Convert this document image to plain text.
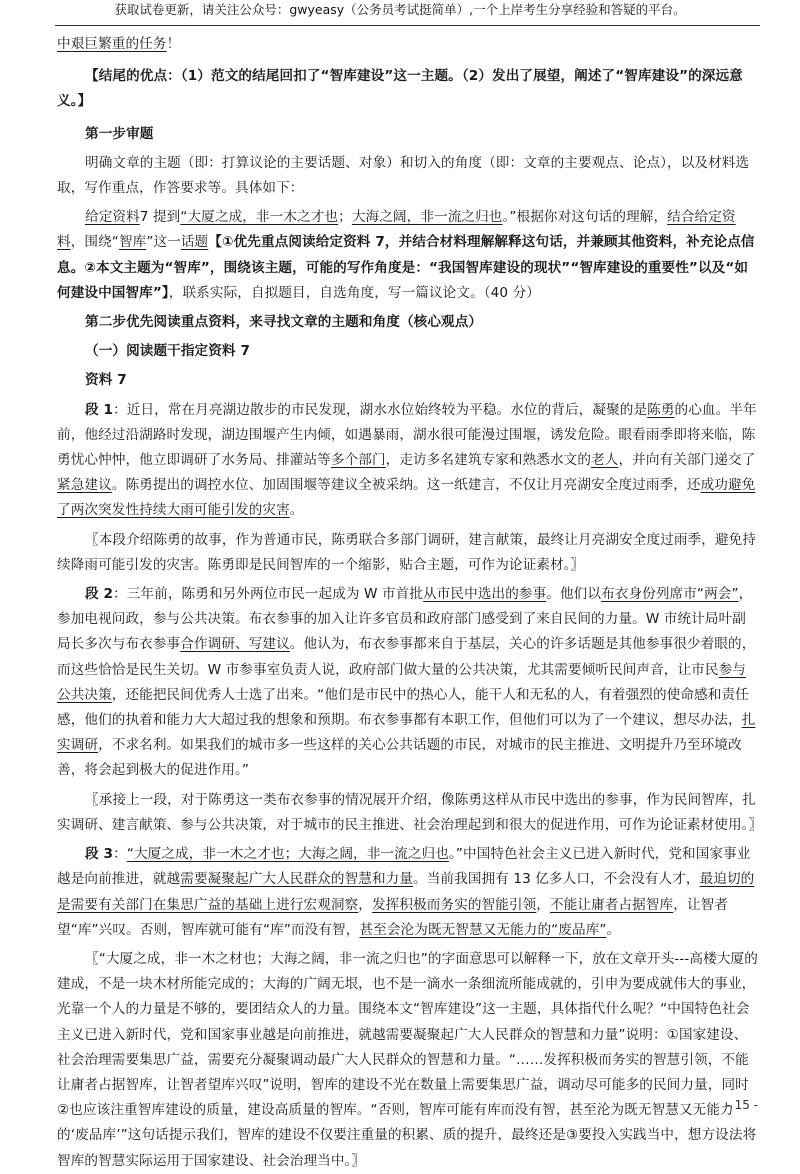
获取试卷更新，请关注公众号：gwyeasy（公务员考试挺简单）,一个上岸考生分享经验和答疑的平台。

中艰巨繁重的任务！

【结尾的优点：（1）范文的结尾回扣了“智库建设”这一主题。（2）发出了展望，阐述了“智库建设”的深远意义。】

第一步审题

明确文章的主题（即：打算议论的主要话题、对象）和切入的角度（即：文章的主要观点、论点），以及材料选取，写作重点，作答要求等。具体如下：

给定资料7 提到“大厦之成，非一木之才也；大海之阔，非一流之归也。”根据你对这句话的理解，结合给定资料，围绕“智库”这一话题【①优先重点阅读给定资料 7，并结合材料理解解释这句话，并兼顾其他资料，补充论点信息。②本文主题为“智库”，围绕该主题，可能的写作角度是：“我国智库建设的现状”“智库建设的重要性”以及“如何建设中国智库”】，联系实际，自拟题目，自选角度，写一篇议论文。（40 分）

第二步优先阅读重点资料，来寻找文章的主题和角度（核心观点）

（一）阅读题干指定资料 7

资料 7

段 1：近日，常在月亮湖边散步的市民发现，湖水水位始终较为平稳。水位的背后，凝聚的是陈勇的心血。半年前，他经过沿湖路时发现，湖边围堰产生内倾，如遇暴雨，湖水很可能漫过围堰，诱发危险。眼看雨季即将来临，陈勇忧心忡忡，他立即调研了水务局、排灌站等多个部门，走访多名建筑专家和熟悉水文的老人，并向有关部门递交了紧急建议。陈勇提出的调控水位、加固围堰等建议全被采纳。这一纸建言，不仅让月亮湖安全度过雨季，还成功避免了两次突发性持续大雨可能引发的灾害。

〖本段介绍陈勇的故事，作为普通市民，陈勇联合多部门调研，建言献策，最终让月亮湖安全度过雨季，避免持续降雨可能引发的灾害。陈勇即是民间智库的一个缩影，贴合主题，可作为论证素材。〗

段 2：三年前，陈勇和另外两位市民一起成为 W 市首批从市民中选出的参事。他们以布衣身份列席市“两会”，参加电视问政，参与公共决策。布衣参事的加入让许多官员和政府部门感受到了来自民间的力量。W 市统计局叶副局长多次与布衣参事合作调研、写建议。他认为，布衣参事都来自于基层，关心的许多话题是其他参事很少着眼的，而这些恰恰是民生关切。W 市参事室负责人说，政府部门做大量的公共决策，尤其需要倾听民间声音，让市民参与公共决策，还能把民间优秀人士选了出来。“他们是市民中的热心人，能干人和无私的人，有着强烈的使命感和责任感，他们的执着和能力大大超过我的想象和预期。布衣参事都有本职工作，但他们可以为了一个建议，想尽办法，扎实调研，不求名利。如果我们的城市多一些这样的关心公共话题的市民，对城市的民主推进、文明提升乃至环境改善，将会起到极大的促进作用。”

〖承接上一段，对于陈勇这一类布衣参事的情况展开介绍，像陈勇这样从市民中选出的参事，作为民间智库，扎实调研、建言献策、参与公共决策，对于城市的民主推进、社会治理起到和很大的促进作用，可作为论证素材使用。〗

段 3：“大厦之成，非一木之才也；大海之阔，非一流之归也。”中国特色社会主义已进入新时代，党和国家事业越是向前推进，就越需要凝聚起广大人民群众的智慧和力量。当前我国拥有 13 亿多人口，不会没有人才，最迫切的是需要有关部门在集思广益的基础上进行宏观洞察，发挥积极而务实的智能引领，不能让庸者占据智库，让智者望“库”兴叹。否则，智库就可能有“库”而没有智，甚至会沦为既无智慧又无能力的“废品库”。

〖“大厦之成，非一木之材也；大海之阔，非一流之归也”的字面意思可以解释一下，放在文章开头---高楼大厦的建成，不是一块木材所能完成的；大海的广阔无垠，也不是一滴水一条细流所能成就的，引申为要成就伟大的事业，光靠一个人的力量是不够的，要团结众人的力量。围绕本文“智库建设”这一主题，具体指代什么呢？“中国特色社会主义已进入新时代，党和国家事业越是向前推进，就越需要凝聚起广大人民群众的智慧和力量”说明：①国家建设、社会治理需要集思广益，需要充分凝聚调动最广大人民群众的智慧和力量。“……发挥积极而务实的智慧引领，不能让庸者占据智库，让智者望库兴叹”说明，智库的建设不光在数量上需要集思广益，调动尽可能多的民间力量，同时②也应该注重智库建设的质量，建设高质量的智库。“否则，智库可能有库而没有智，甚至沦为既无智慧又无能力的‘废品库’”这句话提示我们，智库的建设不仅要注重量的积累、质的提升，最终还是③要投入实践当中，想方设法将智库的智慧实际运用于国家建设、社会治理当中。〗

- 15 -
